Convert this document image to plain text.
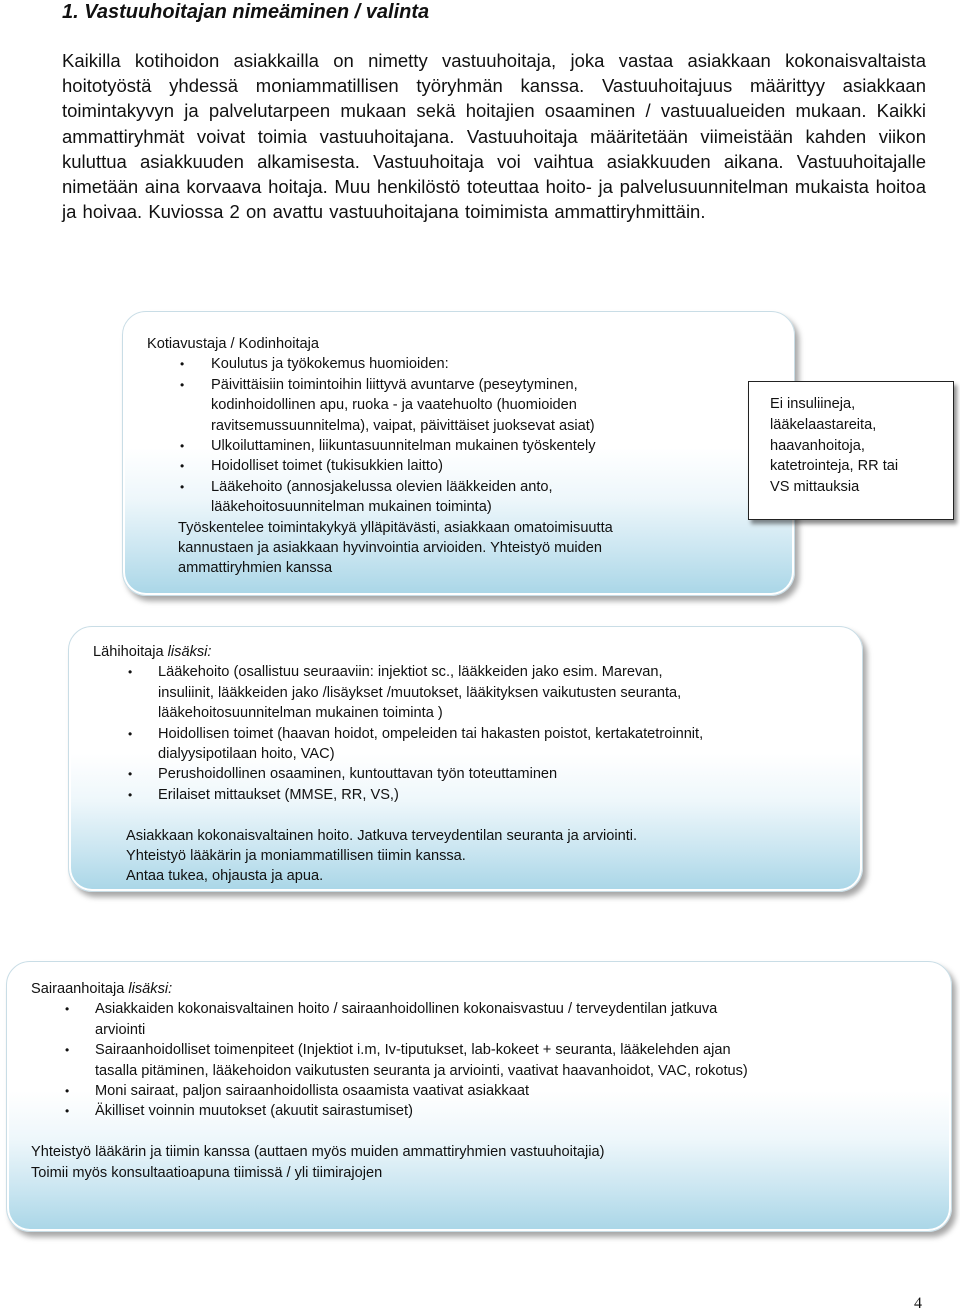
1. Vastuuhoitajan nimeäminen / valinta

Kaikilla kotihoidon asiakkailla on nimetty vastuuhoitaja, joka vastaa asiakkaan kokonaisvaltaista hoitotyöstä yhdessä moniammatillisen työryhmän kanssa. Vastuuhoitajuus määrittyy asiakkaan toimintakyvyn ja palvelutarpeen mukaan sekä hoitajien osaaminen / vastuualueiden mukaan. Kaikki ammattiryhmät voivat toimia vastuuhoitajana. Vastuuhoitaja määritetään viimeistään kahden viikon kuluttua asiakkuuden alkamisesta. Vastuuhoitaja voi vaihtua asiakkuuden aikana. Vastuuhoitajalle nimetään aina korvaava hoitaja. Muu henkilöstö toteuttaa hoito- ja palvelusuunnitelman mukaista hoitoa ja hoivaa. Kuviossa 2 on avattu vastuuhoitajana toimimista ammattiryhmittäin.

Kotiavustaja / Kodinhoitaja

• Koulutus ja työkokemus huomioiden:

• Päivittäisiin toimintoihin liittyvä avuntarve (peseytyminen,

kodinhoidollinen apu, ruoka - ja vaatehuolto (huomioiden

ravitsemussuunnitelma), vaipat, päivittäiset juoksevat asiat)

• Ulkoiluttaminen, liikuntasuunnitelman mukainen työskentely

• Hoidolliset toimet (tukisukkien laitto)

• Lääkehoito (annosjakelussa olevien lääkkeiden anto,

lääkehoitosuunnitelman mukainen toiminta)

Työskentelee toimintakykyä ylläpitävästi, asiakkaan omatoimisuutta

kannustaen ja asiakkaan hyvinvointia arvioiden. Yhteistyö muiden

ammattiryhmien kanssa

Ei insuliineja,
lääkelaastareita,
haavanhoitoja,
katetrointeja, RR tai
VS mittauksia

Lähihoitaja lisäksi:

• Lääkehoito (osallistuu seuraaviin: injektiot sc., lääkkeiden jako esim. Marevan,

insuliinit, lääkkeiden jako /lisäykset /muutokset, lääkityksen vaikutusten seuranta,

lääkehoitosuunnitelman mukainen toiminta )

• Hoidollisen toimet (haavan hoidot, ompeleiden tai hakasten poistot, kertakatetroinnit,

dialyysipotilaan hoito, VAC)

• Perushoidollinen osaaminen, kuntouttavan työn toteuttaminen

• Erilaiset mittaukset (MMSE, RR, VS,)

Asiakkaan kokonaisvaltainen hoito. Jatkuva terveydentilan seuranta ja arviointi.

Yhteistyö lääkärin ja moniammatillisen tiimin kanssa.

Antaa tukea, ohjausta ja apua.

Sairaanhoitaja lisäksi:

• Asiakkaiden kokonaisvaltainen hoito / sairaanhoidollinen kokonaisvastuu / terveydentilan jatkuva

arviointi

• Sairaanhoidolliset toimenpiteet (Injektiot i.m, Iv-tiputukset, lab-kokeet + seuranta, lääkelehden ajan

tasalla pitäminen, lääkehoidon vaikutusten seuranta ja arviointi, vaativat haavanhoidot, VAC, rokotus)

• Moni sairaat, paljon sairaanhoidollista osaamista vaativat asiakkaat

• Äkilliset voinnin muutokset (akuutit sairastumiset)

Yhteistyö lääkärin ja tiimin kanssa (auttaen myös muiden ammattiryhmien vastuuhoitajia)

Toimii myös konsultaatioapuna tiimissä / yli tiimirajojen

4
